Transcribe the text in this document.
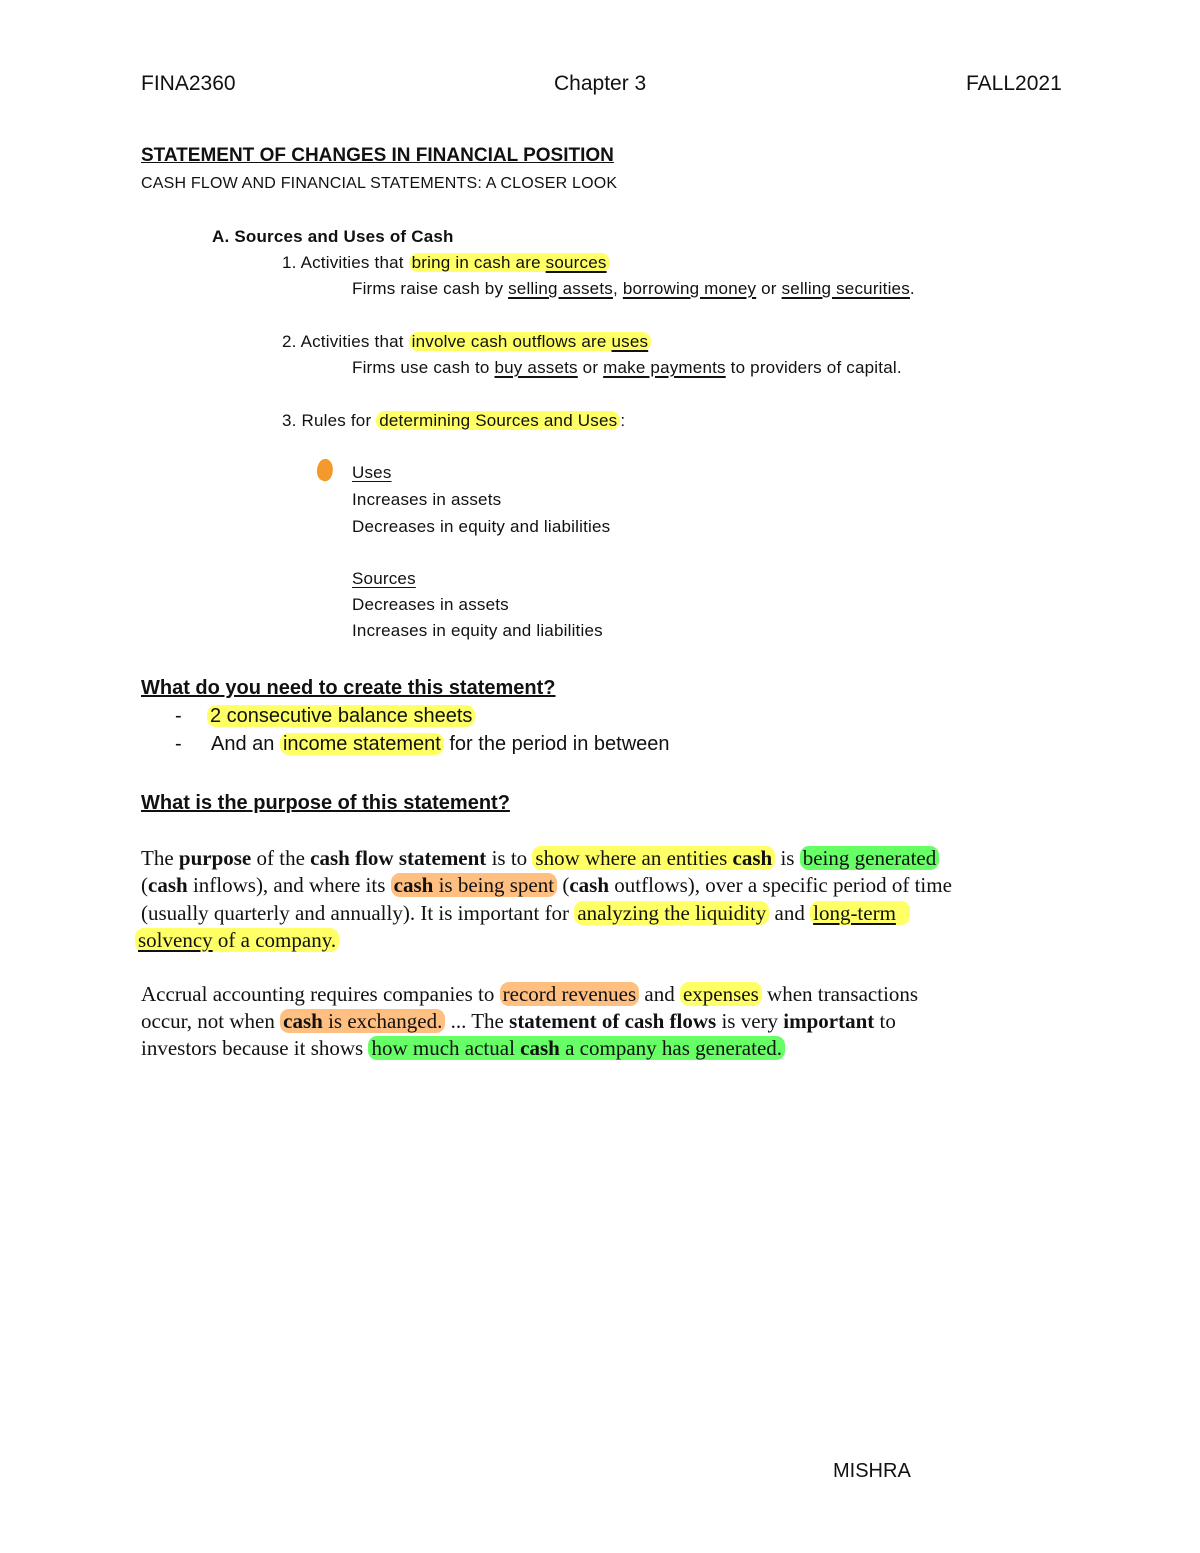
FINA2360	Chapter 3	FALL2021
STATEMENT OF CHANGES IN FINANCIAL POSITION
CASH FLOW AND FINANCIAL STATEMENTS: A CLOSER LOOK
A. Sources and Uses of Cash
1. Activities that bring in cash are sources
Firms raise cash by selling assets, borrowing money or selling securities.
2. Activities that involve cash outflows are uses
Firms use cash to buy assets or make payments to providers of capital.
3. Rules for determining Sources and Uses :
Uses
Increases in assets
Decreases in equity and liabilities
Sources
Decreases in assets
Increases in equity and liabilities
What do you need to create this statement?
- 2 consecutive balance sheets
- And an income statement for the period in between
What is the purpose of this statement?
The purpose of the cash flow statement is to show where an entities cash is being generated
(cash inflows), and where its cash is being spent (cash outflows), over a specific period of time
(usually quarterly and annually). It is important for analyzing the liquidity and long-term
solvency of a company.
Accrual accounting requires companies to record revenues and expenses when transactions
occur, not when cash is exchanged. ... The statement of cash flows is very important to
investors because it shows how much actual cash a company has generated.
MISHRA
